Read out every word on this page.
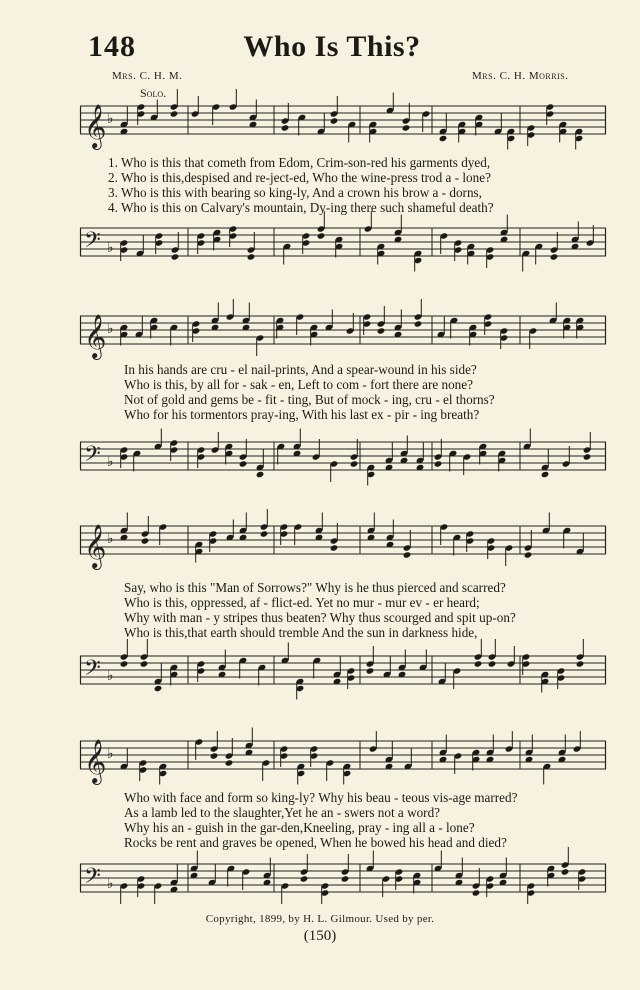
148	Who Is This?
Mrs. C. H. M.	Mrs. C. H. Morris.
Solo.
𝄞 ♭
1. Who is this that cometh from Edom, Crim-son-red his garments dyed,
2. Who is this,despised and re-ject-ed, Who the wine-press trod a - lone?
3. Who is this with bearing so king-ly, And a crown his brow a - dorns,
4. Who is this on Calvary's mountain, Dy-ing there such shameful death?
𝄢 ♭
𝄞 ♭
In his hands are cru - el nail-prints, And a spear-wound in his side?
Who is this, by all for - sak - en, Left to com - fort there are none?
Not of gold and gems be - fit - ting, But of mock - ing, cru - el thorns?
Who for his tormentors pray-ing, With his last ex - pir - ing breath?
𝄢 ♭
𝄞 ♭
Say, who is this "Man of Sorrows?" Why is he thus pierced and scarred?
Who is this, oppressed, af - flict-ed. Yet no mur - mur ev - er heard;
Why with man - y stripes thus beaten? Why thus scourged and spit up-on?
Who is this,that earth should tremble And the sun in darkness hide,
𝄢 ♭
𝄞 ♭
Who with face and form so king-ly? Why his beau - teous vis-age marred?
As a lamb led to the slaughter,Yet he an - swers not a word?
Why his an - guish in the gar-den,Kneeling, pray - ing all a - lone?
Rocks be rent and graves be opened, When he bowed his head and died?
𝄢 ♭
Copyright, 1899, by H. L. Gilmour. Used by per.
(150)
